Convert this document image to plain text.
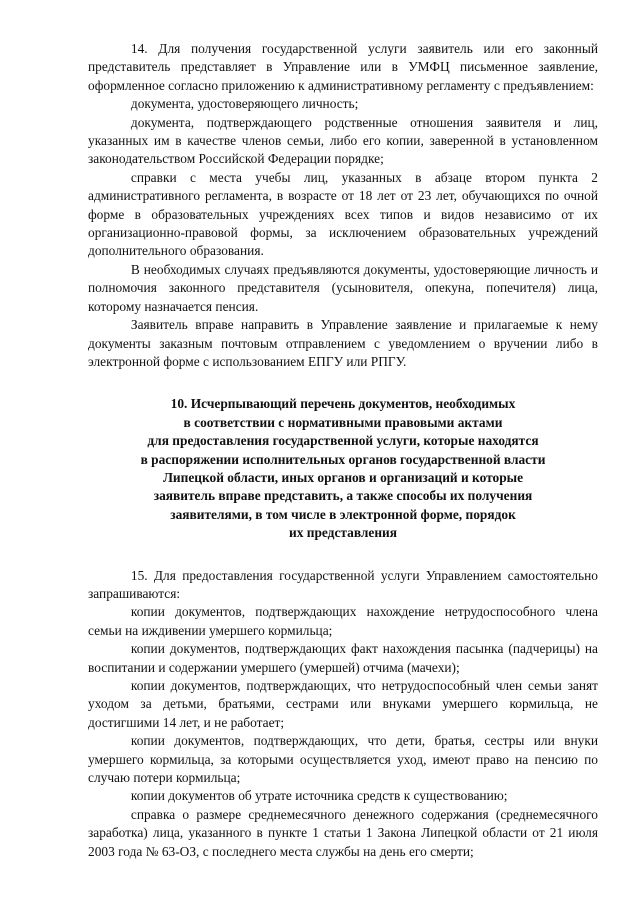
14. Для получения государственной услуги заявитель или его законный представитель представляет в Управление или в УМФЦ письменное заявление, оформленное согласно приложению к административному регламенту с предъявлением:

документа, удостоверяющего личность;

документа, подтверждающего родственные отношения заявителя и лиц, указанных им в качестве членов семьи, либо его копии, заверенной в установленном законодательством Российской Федерации порядке;

справки с места учебы лиц, указанных в абзаце втором пункта 2 административного регламента, в возрасте от 18 лет от 23 лет, обучающихся по очной форме в образовательных учреждениях всех типов и видов независимо от их организационно-правовой формы, за исключением образовательных учреждений дополнительного образования.

В необходимых случаях предъявляются документы, удостоверяющие личность и полномочия законного представителя (усыновителя, опекуна, попечителя) лица, которому назначается пенсия.

Заявитель вправе направить в Управление заявление и прилагаемые к нему документы заказным почтовым отправлением с уведомлением о вручении либо в электронной форме с использованием ЕПГУ или РПГУ.

10. Исчерпывающий перечень документов, необходимых
в соответствии с нормативными правовыми актами
для предоставления государственной услуги, которые находятся
в распоряжении исполнительных органов государственной власти
Липецкой области, иных органов и организаций и которые
заявитель вправе представить, а также способы их получения
заявителями, в том числе в электронной форме, порядок
их представления

15. Для предоставления государственной услуги Управлением самостоятельно запрашиваются:

копии документов, подтверждающих нахождение нетрудоспособного члена семьи на иждивении умершего кормильца;

копии документов, подтверждающих факт нахождения пасынка (падчерицы) на воспитании и содержании умершего (умершей) отчима (мачехи);

копии документов, подтверждающих, что нетрудоспособный член семьи занят уходом за детьми, братьями, сестрами или внуками умершего кормильца, не достигшими 14 лет, и не работает;

копии документов, подтверждающих, что дети, братья, сестры или внуки умершего кормильца, за которыми осуществляется уход, имеют право на пенсию по случаю потери кормильца;

копии документов об утрате источника средств к существованию;

справка о размере среднемесячного денежного содержания (среднемесячного заработка) лица, указанного в пункте 1 статьи 1 Закона Липецкой области от 21 июля 2003 года № 63-ОЗ, с последнего места службы на день его смерти;
